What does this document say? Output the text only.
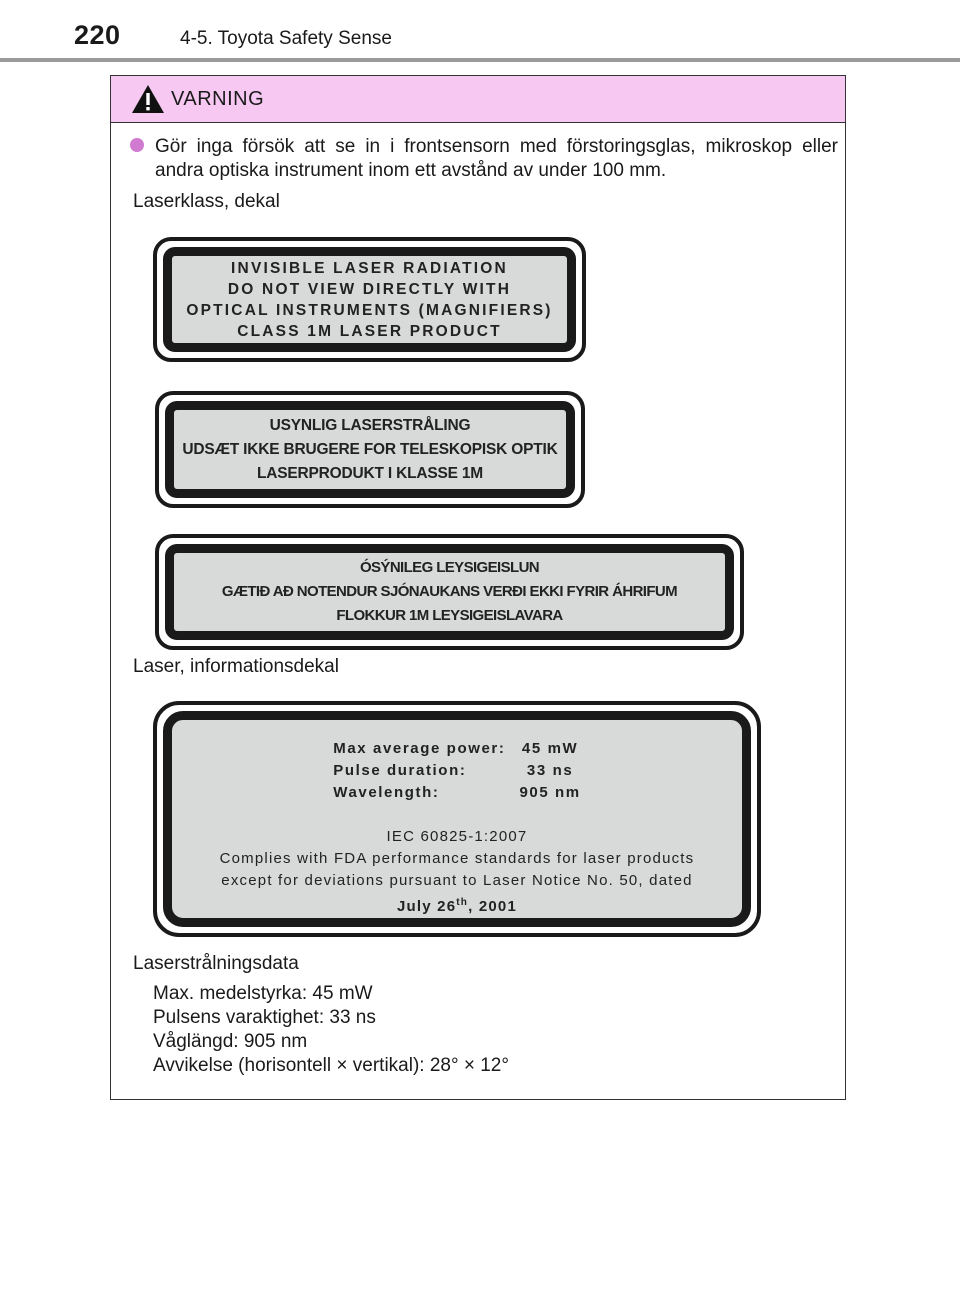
220	4-5. Toyota Safety Sense
VARNING
Gör inga försök att se in i frontsensorn med förstoringsglas, mikroskop eller andra optiska instrument inom ett avstånd av under 100 mm.
Laserklass, dekal
INVISIBLE LASER RADIATION
DO NOT VIEW DIRECTLY WITH
OPTICAL INSTRUMENTS (MAGNIFIERS)
CLASS 1M LASER PRODUCT
USYNLIG LASERSTRÅLING
UDSÆT IKKE BRUGERE FOR TELESKOPISK OPTIK
LASERPRODUKT I KLASSE 1M
ÓSÝNILEG LEYSIGEISLUN
GÆTIÐ AÐ NOTENDUR SJÓNAUKANS VERÐI EKKI FYRIR ÁHRIFUM
FLOKKUR 1M LEYSIGEISLAVARA
Laser, informationsdekal
Max average power:	45 mW
Pulse duration:	33 ns
Wavelength:	905 nm
IEC 60825-1:2007
Complies with FDA performance standards for laser products
except for deviations pursuant to Laser Notice No. 50, dated
July 26th, 2001
Laserstrålningsdata
Max. medelstyrka: 45 mW
Pulsens varaktighet: 33 ns
Våglängd: 905 nm
Avvikelse (horisontell × vertikal): 28° × 12°
